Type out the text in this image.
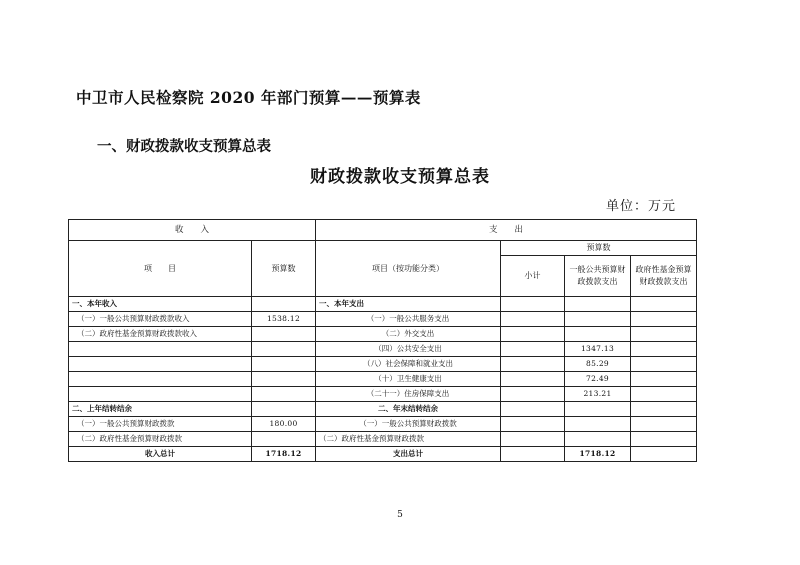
中卫市人民检察院 2020 年部门预算——预算表
一、财政拨款收支预算总表
财政拨款收支预算总表
单位：万元
收　　入		支　　出			
项　　目	预算数	项目（按功能分类）	预算数		
			小计	一般公共预算财政拨款支出	政府性基金预算财政拨款支出
一、本年收入		一、本年支出			
（一）一般公共预算财政拨款收入	1538.12	（一）一般公共服务支出			
（二）政府性基金预算财政拨款收入		（二）外交支出			
		（四）公共安全支出		1347.13	
		（八）社会保障和就业支出		85.29	
		（十）卫生健康支出		72.49	
		（二十一）住房保障支出		213.21	
二、上年结转结余		二、年末结转结余			
（一）一般公共预算财政拨款	180.00	（一）一般公共预算财政拨款			
（二）政府性基金预算财政拨款		（二）政府性基金预算财政拨款			
收入总计	1718.12	支出总计		1718.12	
5
